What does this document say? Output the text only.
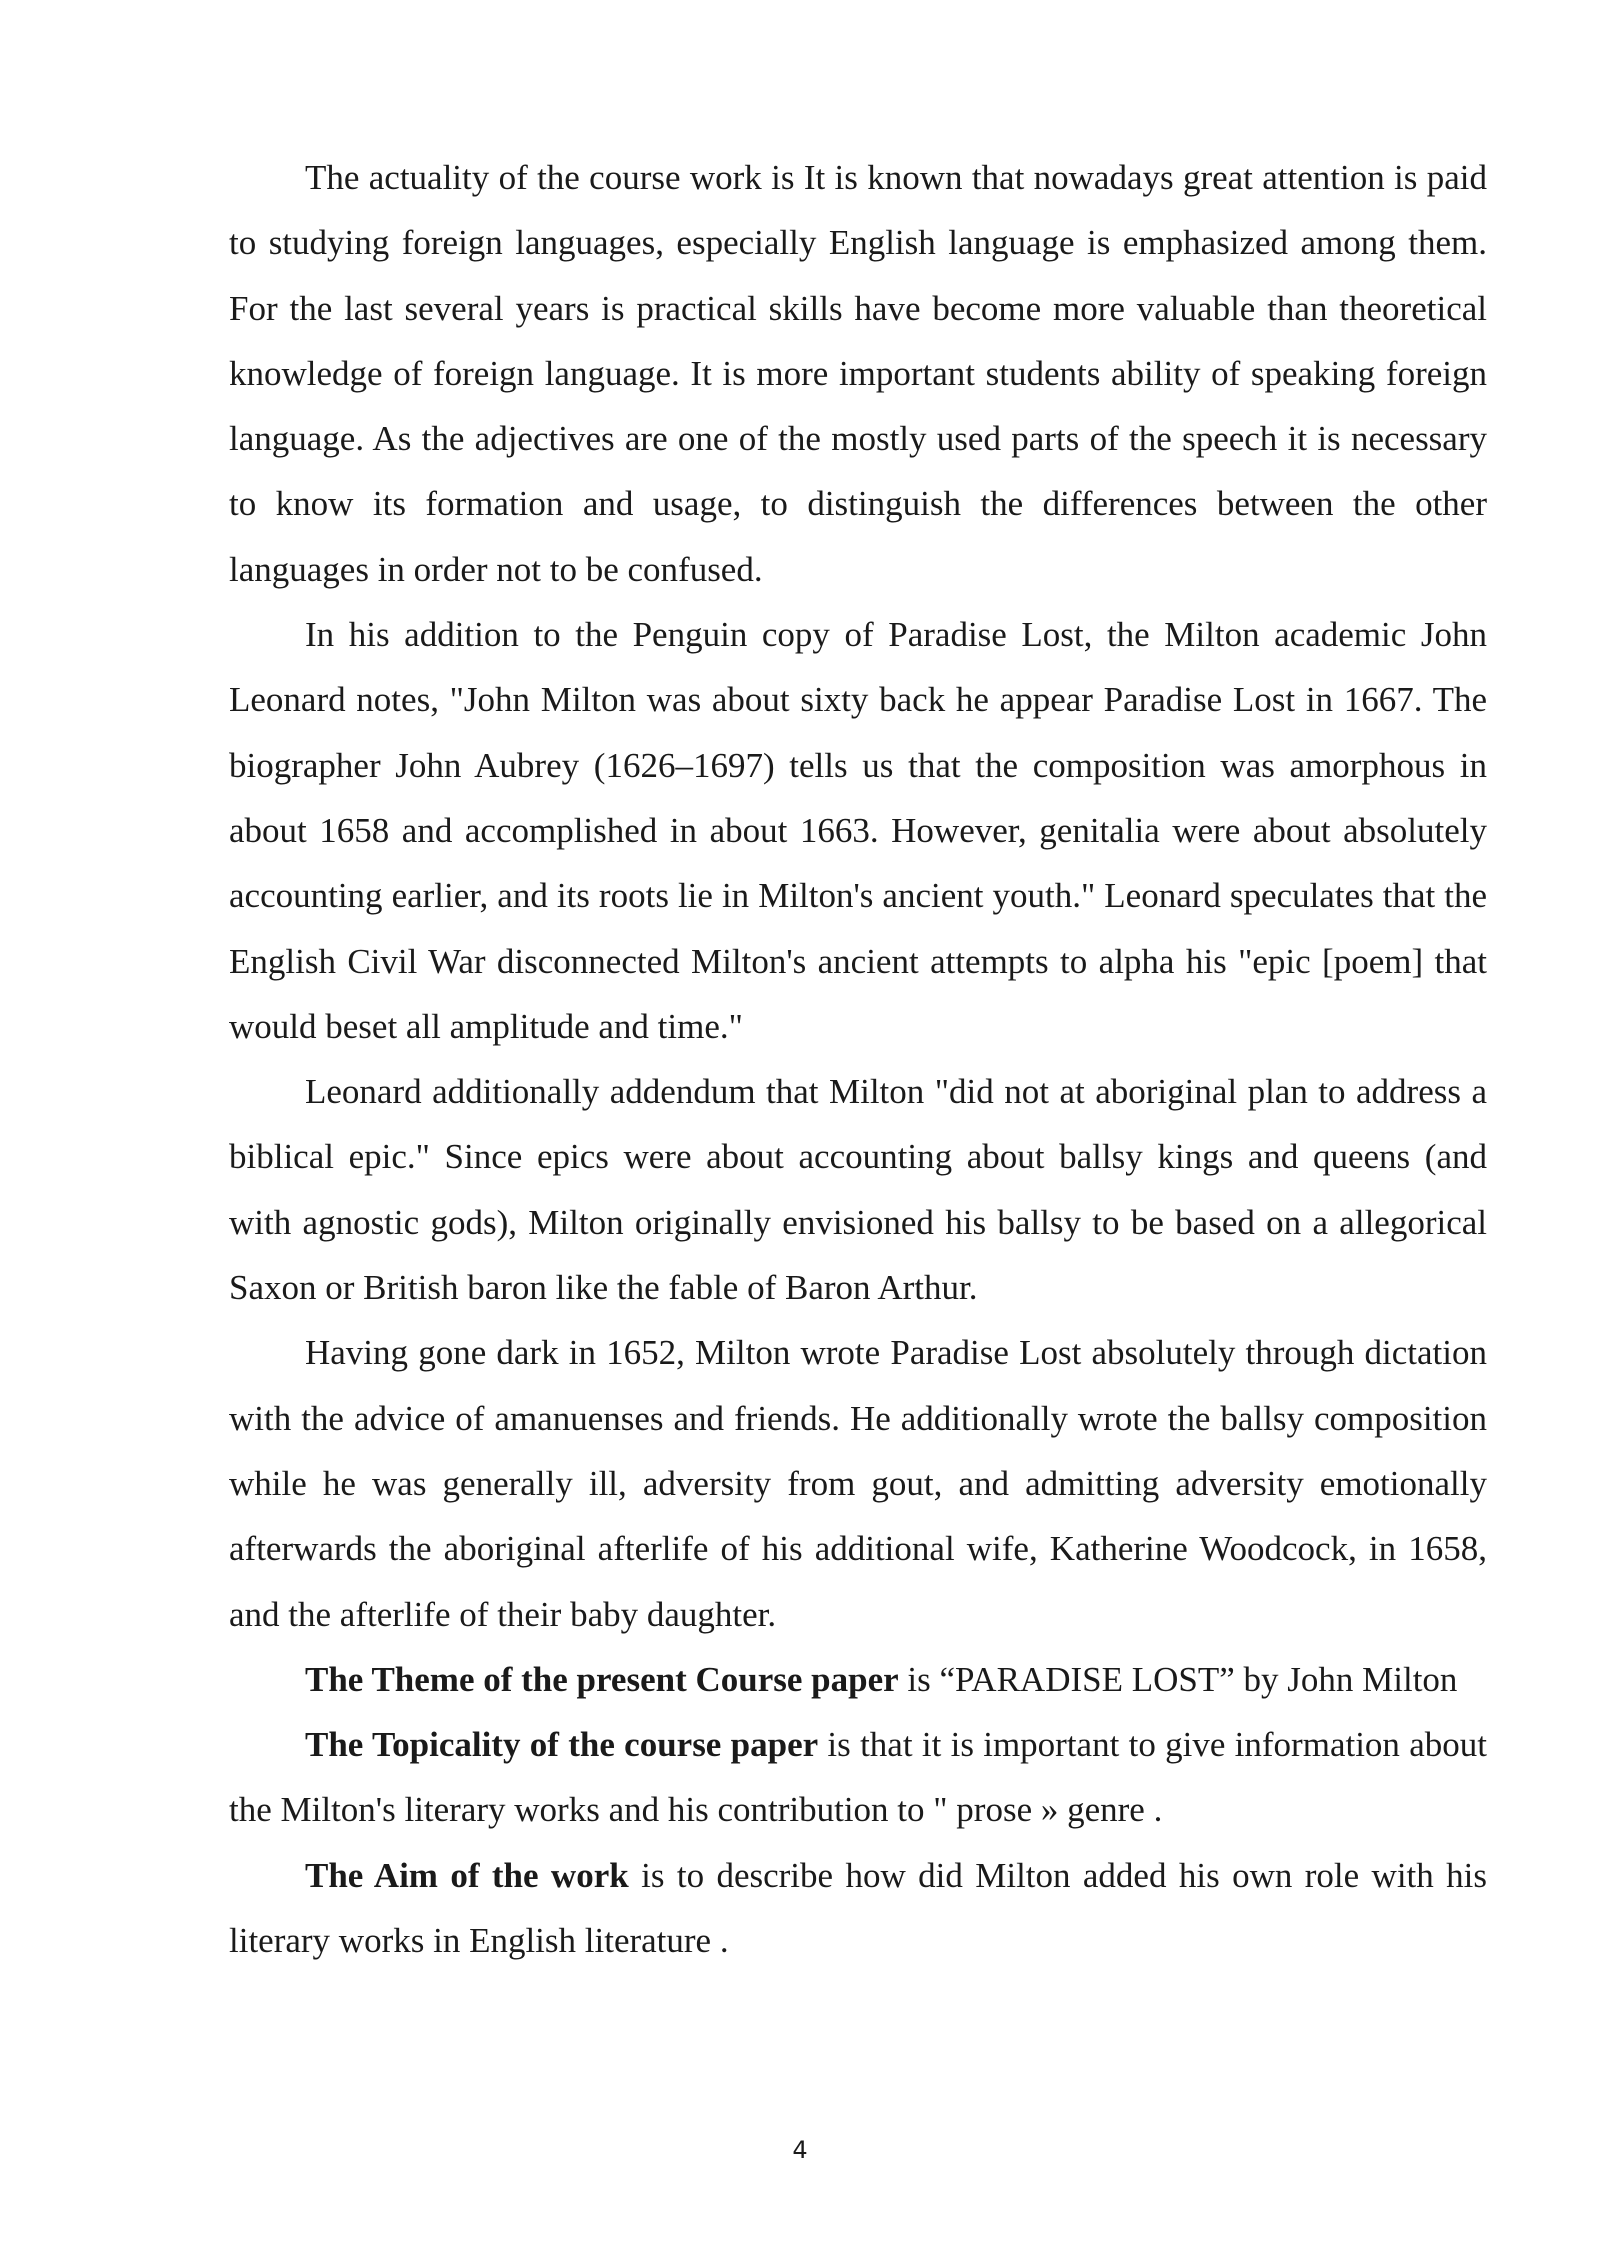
The actuality of the course work is It is known that nowadays great attention is paid to studying foreign languages, especially English language is emphasized among them. For the last several years is practical skills have become more valuable than theoretical knowledge of foreign language. It is more important students ability of speaking foreign language. As the adjectives are one of the mostly used parts of the speech it is necessary to know its formation and usage, to distinguish the differences between the other languages in order not to be confused.

In his addition to the Penguin copy of Paradise Lost, the Milton academic John Leonard notes, "John Milton was about sixty back he appear Paradise Lost in 1667. The biographer John Aubrey (1626–1697) tells us that the composition was amorphous in about 1658 and accomplished in about 1663. However, genitalia were about absolutely accounting earlier, and its roots lie in Milton's ancient youth." Leonard speculates that the English Civil War disconnected Milton's ancient attempts to alpha his "epic [poem] that would beset all amplitude and time."

Leonard additionally addendum that Milton "did not at aboriginal plan to address a biblical epic." Since epics were about accounting about ballsy kings and queens (and with agnostic gods), Milton originally envisioned his ballsy to be based on a allegorical Saxon or British baron like the fable of Baron Arthur.

Having gone dark in 1652, Milton wrote Paradise Lost absolutely through dictation with the advice of amanuenses and friends. He additionally wrote the ballsy composition while he was generally ill, adversity from gout, and admitting adversity emotionally afterwards the aboriginal afterlife of his additional wife, Katherine Woodcock, in 1658, and the afterlife of their baby daughter.

The Theme of the present Course paper is “PARADISE LOST” by John Milton

The Topicality of the course paper is that it is important to give information about the Milton's literary works and his contribution to " prose » genre .

The Aim of the work is to describe how did Milton added his own role with his literary works in English literature .

4
